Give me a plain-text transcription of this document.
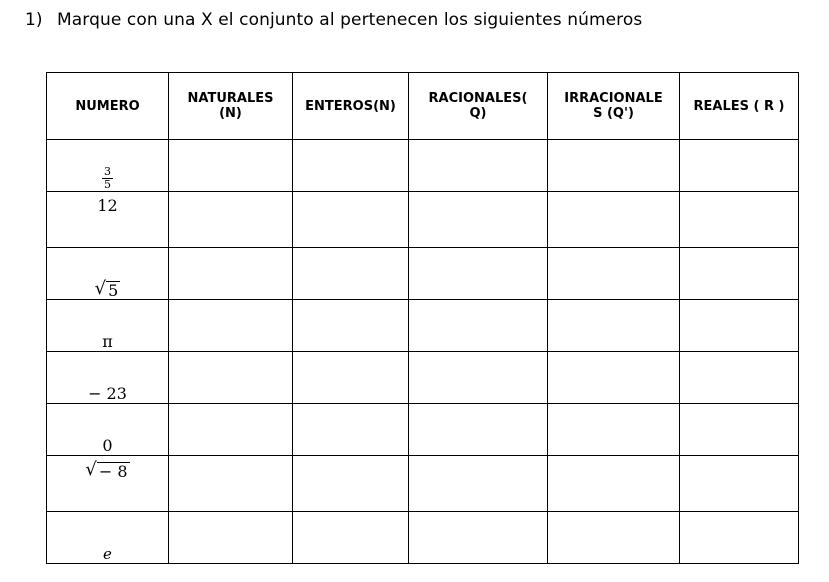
1) Marque con una X el conjunto al pertenecen los siguientes números
NUMERO	NATURALES (N)	ENTEROS(N)	RACIONALES( Q)	IRRACIONALE S (Q')	REALES ( R )

$\frac{3}{5}$

12					

√ 5					

π					
− 23					
0					

√ − 8					

𝑒					
